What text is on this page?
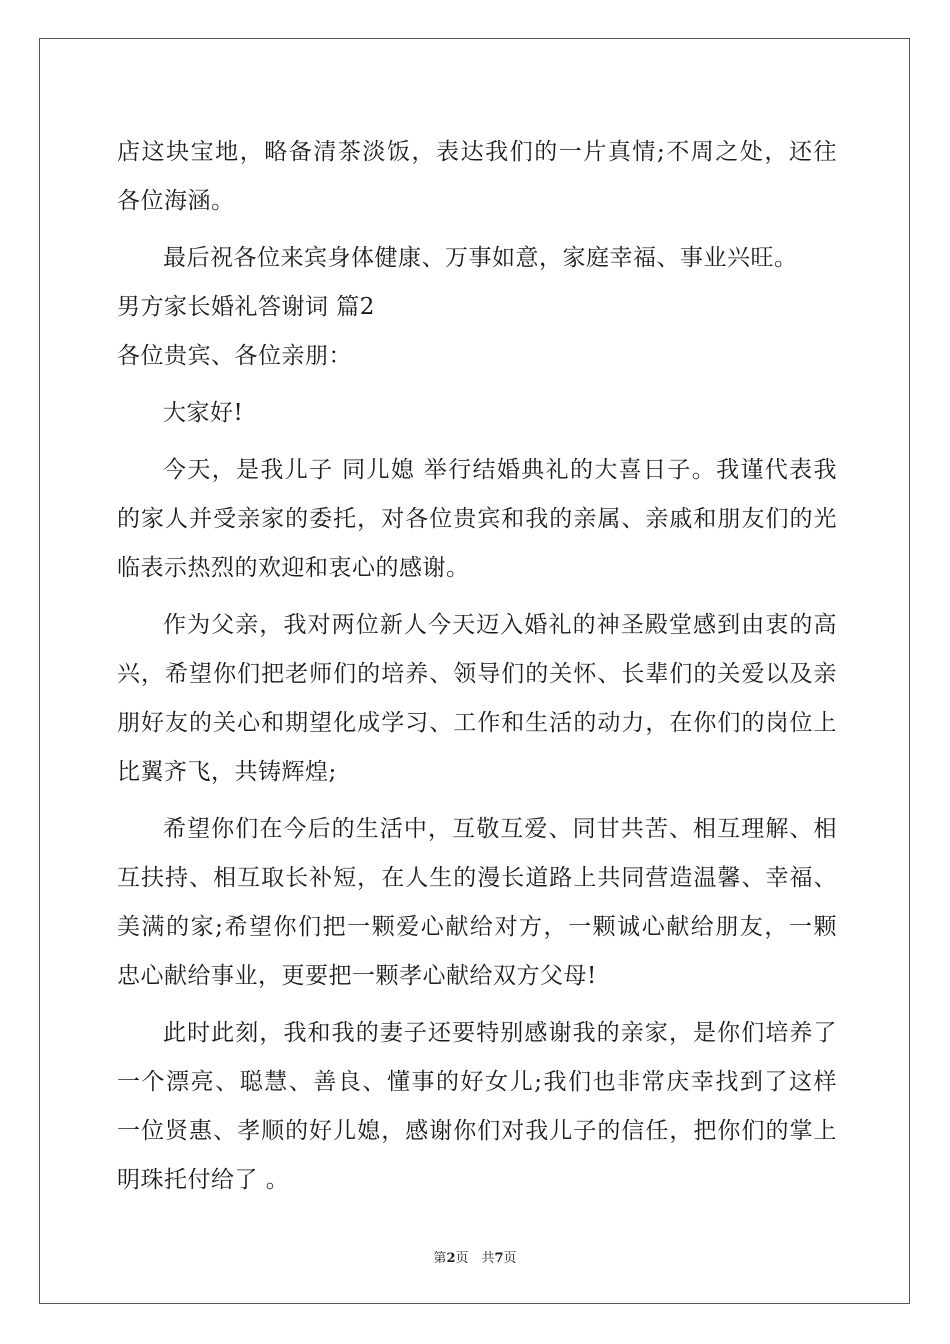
店这块宝地，略备清茶淡饭，表达我们的一片真情;不周之处，还往
各位海涵。
最后祝各位来宾身体健康、万事如意，家庭幸福、事业兴旺。
男方家长婚礼答谢词 篇2
各位贵宾、各位亲朋：
大家好!
今天，是我儿子 同儿媳 举行结婚典礼的大喜日子。我谨代表我
的家人并受亲家的委托，对各位贵宾和我的亲属、亲戚和朋友们的光
临表示热烈的欢迎和衷心的感谢。
作为父亲，我对两位新人今天迈入婚礼的神圣殿堂感到由衷的高
兴，希望你们把老师们的培养、领导们的关怀、长辈们的关爱以及亲
朋好友的关心和期望化成学习、工作和生活的动力，在你们的岗位上
比翼齐飞，共铸辉煌;
希望你们在今后的生活中，互敬互爱、同甘共苦、相互理解、相
互扶持、相互取长补短，在人生的漫长道路上共同营造温馨、幸福、
美满的家;希望你们把一颗爱心献给对方，一颗诚心献给朋友，一颗
忠心献给事业，更要把一颗孝心献给双方父母!
此时此刻，我和我的妻子还要特别感谢我的亲家，是你们培养了
一个漂亮、聪慧、善良、懂事的好女儿;我们也非常庆幸找到了这样
一位贤惠、孝顺的好儿媳，感谢你们对我儿子的信任，把你们的掌上
明珠托付给了 。
第2页　共7页
